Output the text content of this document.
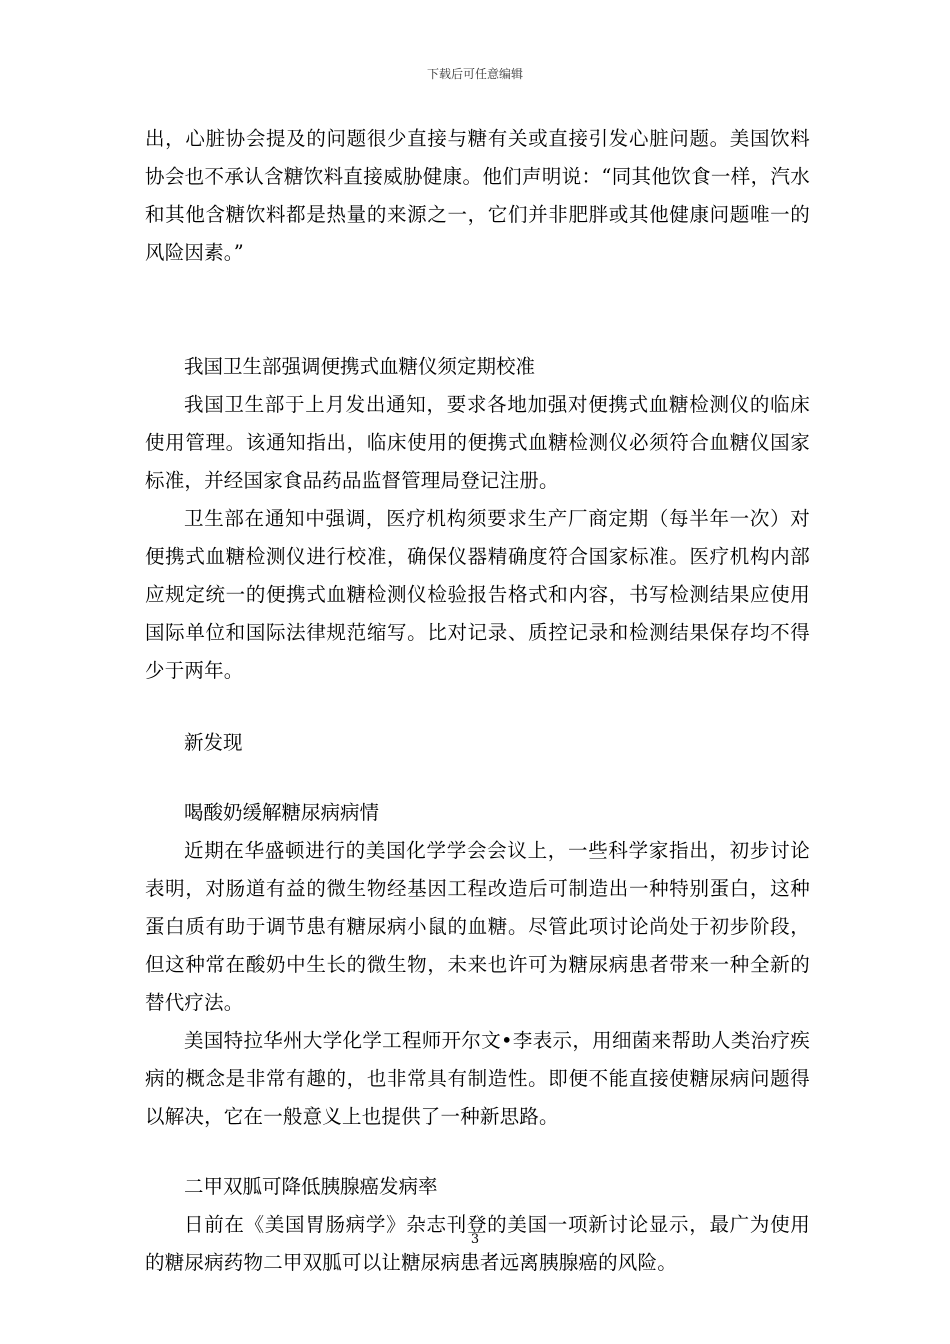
下载后可任意编辑

出，心脏协会提及的问题很少直接与糖有关或直接引发心脏问题。美国饮料协会也不承认含糖饮料直接威胁健康。他们声明说：“同其他饮食一样，汽水和其他含糖饮料都是热量的来源之一，它们并非肥胖或其他健康问题唯一的风险因素。”

我国卫生部强调便携式血糖仪须定期校准

我国卫生部于上月发出通知，要求各地加强对便携式血糖检测仪的临床使用管理。该通知指出，临床使用的便携式血糖检测仪必须符合血糖仪国家标准，并经国家食品药品监督管理局登记注册。

卫生部在通知中强调，医疗机构须要求生产厂商定期（每半年一次）对便携式血糖检测仪进行校准，确保仪器精确度符合国家标准。医疗机构内部应规定统一的便携式血糖检测仪检验报告格式和内容，书写检测结果应使用国际单位和国际法律规范缩写。比对记录、质控记录和检测结果保存均不得少于两年。

新发现

喝酸奶缓解糖尿病病情

近期在华盛顿进行的美国化学学会会议上，一些科学家指出，初步讨论表明，对肠道有益的微生物经基因工程改造后可制造出一种特别蛋白，这种蛋白质有助于调节患有糖尿病小鼠的血糖。尽管此项讨论尚处于初步阶段，但这种常在酸奶中生长的微生物，未来也许可为糖尿病患者带来一种全新的替代疗法。

美国特拉华州大学化学工程师开尔文•李表示，用细菌来帮助人类治疗疾病的概念是非常有趣的，也非常具有制造性。即便不能直接使糖尿病问题得以解决，它在一般意义上也提供了一种新思路。

二甲双胍可降低胰腺癌发病率

日前在《美国胃肠病学》杂志刊登的美国一项新讨论显示，最广为使用的糖尿病药物二甲双胍可以让糖尿病患者远离胰腺癌的风险。

3
